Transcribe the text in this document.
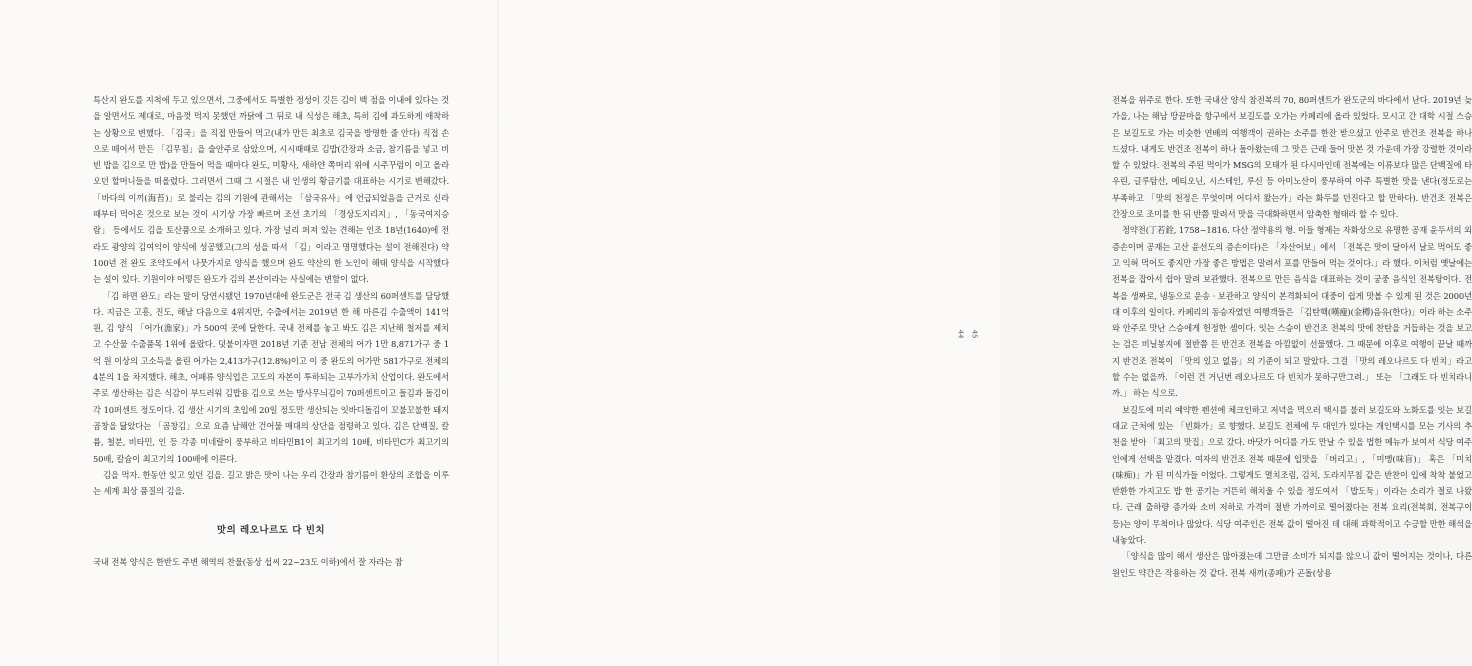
특산지 완도를 지척에 두고 있으면서, 그중에서도 특별한 정성이 깃든 김이 백 점을 이내에 있다는 것을 알면서도 제대로, 마음껏 먹지 못했던 까닭에 그 뒤로 내 식성은 해초, 특히 김에 과도하게 애착하는 상황으로 변했다. 「김국」을 직접 만들어 먹고(내가 만든 최초로 김국을 방명한 줄 안다) 직접 손으로 떼어서 만든 「김무침」을 술안주로 삼았으며, 시시때때로 김밥(간장과 소금, 참기름을 넣고 비빈 밥을 김으로 만 밥)을 만들어 먹을 때마다 완도, 미황사, 새하얀 쪽머리 위에 시주꾸럼이 이고 올라오던 할머니들을 떠올렸다. 그러면서 그때 그 시절은 내 인생의 황금기를 대표하는 시기로 변해갔다. 「바다의 이끼(海苔)」로 불리는 김의 기원에 관해서는 「삼국유사」에 언급되었음을 근거로 신라 때부터 먹어온 것으로 보는 것이 시기상 가장 빠르며 조선 초기의 「경상도지리지」, 「동국여지승람」 등에서도 김을 토산품으로 소개하고 있다. 가장 널리 퍼져 있는 견해는 인조 18년(1640)에 전라도 광양의 김여익이 양식에 성공했고(그의 성을 따서 「김」이라고 명명했다는 설이 전해진다) 약 100년 전 완도 조약도에서 나뭇가지로 양식을 했으며 완도 약산의 한 노인이 해태 양식을 시작했다는 설이 있다. 기원이야 어떻든 완도가 김의 본산이라는 사실에는 변함이 없다.

「김 하면 완도」라는 말이 당연시됐던 1970년대에 완도군은 전국 김 생산의 60퍼센트를 담당했다. 지금은 고흥, 진도, 해남 다음으로 4위지만, 수출에서는 2019년 한 해 마른김 수출액이 141억 원, 김 양식 「어가(漁家)」가 500여 곳에 달한다. 국내 전체를 놓고 봐도 김은 지난해 철저를 제치고 수산물 수출품목 1위에 올랐다. 덧붙이자면 2018년 기준 전남 전체의 어가 1만 8,871가구 중 1억 원 이상의 고소득을 올린 어가는 2,413가구(12.8%)이고 이 중 완도의 어가만 581가구로 전체의 4분의 1을 차지했다. 해초, 어패류 양식업은 고도의 자본이 투하되는 고부가가치 산업이다. 완도에서 주로 생산하는 김은 식감이 부드러워 김밥용 김으로 쓰는 방사무늬김이 70퍼센트이고 돌김과 돌김이 각 10퍼센트 정도이다. 김 생산 시기의 초입에 20일 정도만 생산되는 잇바디돌김이 꼬불꼬불한 돼지곱창을 닮았다는 「곱창김」으로 요즘 남해안 건어물 매대의 상단을 점령하고 있다. 김은 단백질, 칼륨, 철분, 비타민, 인 등 각종 미네랄이 풍부하고 비타민B1이 최고기의 10배, 비타민C가 최고기의 50배, 칼슘이 최고기의 100배에 이른다.

김을 먹자. 한동안 잊고 있던 김을. 길고 밝은 맛이 나는 우리 간장과 참기름이 환상의 조합을 이루는 세계 최상 품질의 김을.

맛의 레오나르도 다 빈치

국내 전복 양식은 한반도 주변 해역의 찬물(동상 섭씨 22~23도 이하)에서 잘 자라는 참

전복을 위주로 한다. 또한 국내산 양식 참전복의 70, 80퍼센트가 완도군의 바다에서 난다. 2019년 늦가을, 나는 해남 땅끝마을 항구에서 보길도를 오가는 카페리에 올라 있었다. 모시고 간 대학 시절 스승은 보길도로 가는 비슷한 연배의 여행객이 권하는 소주를 한잔 받으셨고 안주로 반건조 전복을 하나 드셨다. 내게도 반건조 전복이 하나 돌아왔는데 그 맛은 근래 들어 맛본 것 가운데 가장 강렬한 것이라 할 수 있었다. 전복의 주된 먹이가 MSG의 모태가 된 다시마인데 전복에는 이류보다 많은 단백질에 타우린, 글루탐산, 메티오닌, 시스테인, 루신 등 아미노산이 풍부하여 아주 특별한 맛을 낸다(정도로는 부족하고 「맛의 천정은 무엇이며 어디서 왔는가」라는 화두를 던진다고 할 만하다). 반건조 전복은 간장으로 조미를 한 뒤 반쯤 말려서 맛을 극대화하면서 암축한 형태라 할 수 있다.

정약전(丁若銓, 1758~1816. 다산 정약용의 형. 이들 형제는 자화상으로 유명한 공재 윤두서의 외증손이며 공재는 고산 윤선도의 증손이다)은 「자산어보」에서 「전복은 맛이 달아서 날로 먹어도 좋고 익혀 먹어도 좋지만 가장 좋은 방법은 말려서 포를 만들어 먹는 것이다.」라 했다. 이처럼 옛날에는 전복을 잡아서 쉽아 말려 보관했다. 전복으로 만든 음식을 대표하는 것이 궁중 음식인 전복탕이다. 전복을 생짜로, 냉동으로 운송 · 보관하고 양식이 본격화되어 대중이 쉽게 맛볼 수 있게 된 것은 2000년대 이후의 일이다. 카페리의 동승자였던 여행객들은 「김탄핵(嘆瘦)(金樽)음유(한다)」이라 하는 소주와 안주로 맛난 스승에게 헌정한 셈이다. 잇는 스승이 반건조 전복의 맛에 찬탄을 거듭하는 것을 보고는 검은 비닐봉지에 절반쯤 든 반건조 전복을 아낌없이 선물했다. 그 때문에 이후로 여행이 끝날 때까지 반건조 전복이 「맛의 있고 없음」의 기준이 되고 말았다. 그걸 「맛의 레오나르도 다 빈치」라고 할 수는 없을까. 「이런 건 거닌번 레오나르도 다 빈치가 못하구만그려.」 또는 「그래도 다 빈치라니까.」 하는 식으로.

보길도에 미리 예약한 펜션에 체크인하고 저녁을 먹으러 택시를 불러 보길도와 노화도를 잇는 보길대교 근처에 있는 「빈화가」로 향했다. 보길도 전체에 두 대인가 있다는 개인택시를 모는 기사의 추천을 받아 「최고의 맛집」으로 갔다. 바닷가 어디를 가도 만날 수 있을 법한 메뉴가 보여서 식당 여주인에게 선택을 맡겼다. 여자의 반건조 전복 때문에 입맛을 「버리고」, 「미맹(味盲)」 혹은 「미치(味痴)」가 된 미식가들 이었다. 그렇게도 멸치조림, 김치, 도라지무침 같은 반찬이 입에 착착 붙었고 반환한 가지고도 밥 한 공기는 거뜬히 해치울 수 있을 정도여서 「밥도둑」이라는 소리가 절로 나왔다. 근래 출하량 증가와 소비 저하로 가격이 절반 가까이로 떨어졌다는 전복 요리(전복회, 전복구이 등)는 양이 무척이나 많았다. 식당 여주인은 전복 값이 떨어진 데 대해 과학적이고 수긍할 만한 해석을 내놓았다.

「양식을 많이 해서 생산은 많아졌는데 그만큼 소비가 되지를 않으니 값이 떨어지는 것이나, 다른 원인도 약간은 작용하는 것 같다. 전복 새끼(종패)가 곤돌(상용

44 45
